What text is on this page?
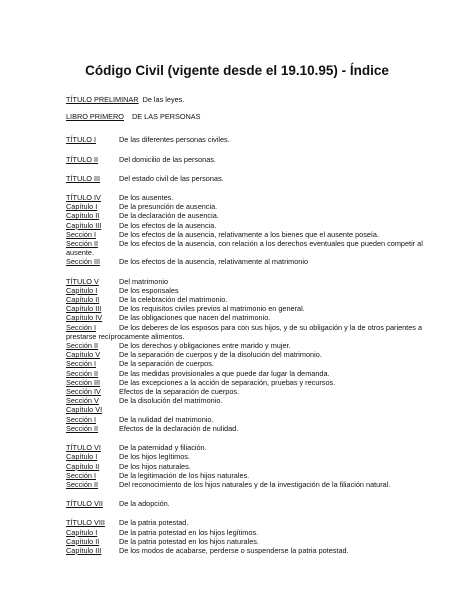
Código Civil (vigente desde el 19.10.95) - Índice
TÍTULO PRELIMINAR De las leyes.
LIBRO PRIMERO	DE LAS PERSONAS
TÍTULO I	De las diferentes personas civiles.
TÍTULO II	Del domicilio de las personas.
TÍTULO III	Del estado civil de las personas.
TÍTULO IV	De los ausentes.
Capítulo I	De la presunción de ausencia.
Capítulo II	De la declaración de ausencia.
Capítulo III	De los efectos de la ausencia.
Sección I	De los efectos de la ausencia, relativamente a los bienes que el ausente poseía.
Sección II	De los efectos de la ausencia, con relación a los derechos eventuales que pueden competir al
ausente.
Sección III	De los efectos de la ausencia, relativamente al matrimonio
TÍTULO V	Del matrimonio
Capítulo I	De los esponsales
Capítulo II	De la celebración del matrimonio.
Capítulo III	De los requisitos civiles previos al matrimonio en general.
Capítulo IV	De las obligaciones que nacen del matrimonio.
Sección I	De los deberes de los esposos para con sus hijos, y de su obligación y la de otros parientes a
prestarse recíprocamente alimentos.
Sección II	De los derechos y obligaciones entre marido y mujer.
Capítulo V	De la separación de cuerpos y de la disolución del matrimonio.
Sección I	De la separación de cuerpos.
Sección II	De las medidas provisionales a que puede dar lugar la demanda.
Sección III	De las excepciones a la acción de separación, pruebas y recursos.
Sección IV	Efectos de la separación de cuerpos.
Sección V	De la disolución del matrimonio.
Capítulo VI
Sección I	De la nulidad del matrimonio.
Sección II	Efectos de la declaración de nulidad.
TÍTULO VI	De la paternidad y filiación.
Capítulo I	De los hijos legítimos.
Capítulo II	De los hijos naturales.
Sección I	De la legitimación de los hijos naturales.
Sección II	Del reconocimiento de los hijos naturales y de la investigación de la filiación natural.
TÍTULO VII	De la adopción.
TÍTULO VIII	De la patria potestad.
Capítulo I	De la patria potestad en los hijos legítimos.
Capítulo II	De la patria potestad en los hijos naturales.
Capítulo III	De los modos de acabarse, perderse o suspenderse la patria potestad.
